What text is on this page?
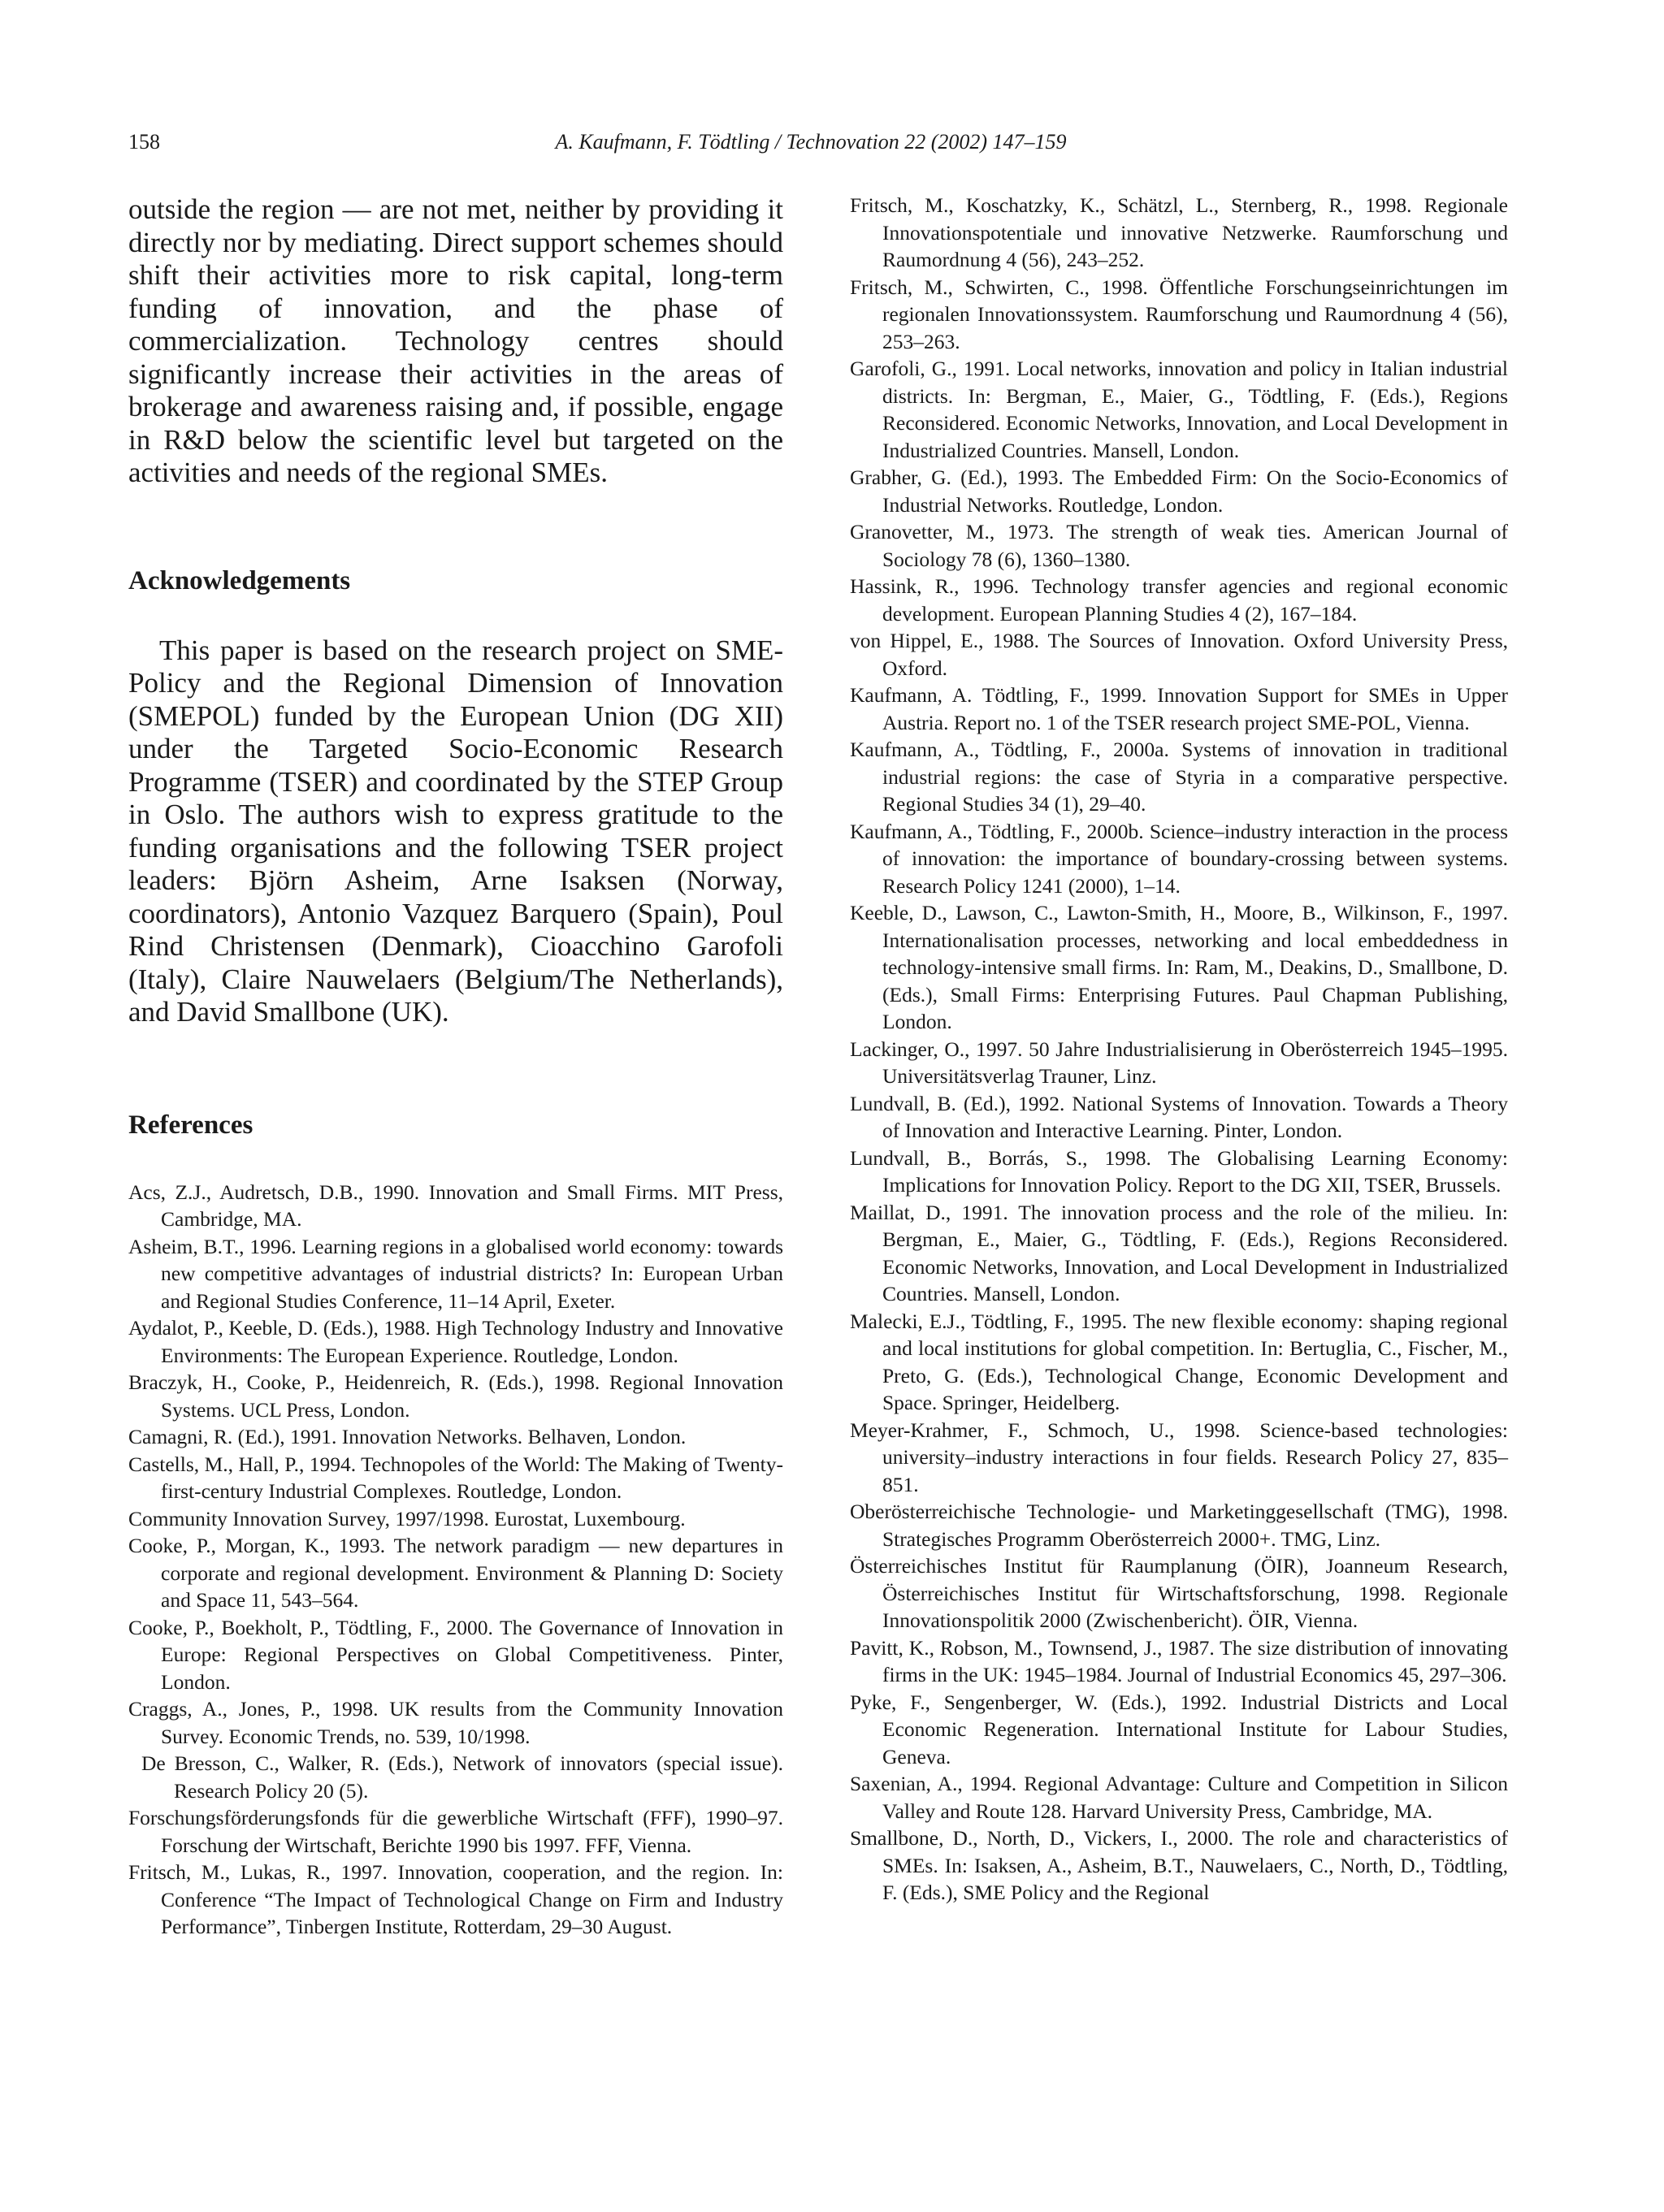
158	A. Kaufmann, F. Tödtling / Technovation 22 (2002) 147–159

outside the region — are not met, neither by providing it directly nor by mediating. Direct support schemes should shift their activities more to risk capital, long-term funding of innovation, and the phase of commercialization. Technology centres should significantly increase their activities in the areas of brokerage and awareness raising and, if possible, engage in R&D below the scientific level but targeted on the activities and needs of the regional SMEs.

Acknowledgements

This paper is based on the research project on SME-Policy and the Regional Dimension of Innovation (SMEPOL) funded by the European Union (DG XII) under the Targeted Socio-Economic Research Programme (TSER) and coordinated by the STEP Group in Oslo. The authors wish to express gratitude to the funding organisations and the following TSER project leaders: Björn Asheim, Arne Isaksen (Norway, coordinators), Antonio Vazquez Barquero (Spain), Poul Rind Christensen (Denmark), Cioacchino Garofoli (Italy), Claire Nauwelaers (Belgium/The Netherlands), and David Smallbone (UK).

References
Acs, Z.J., Audretsch, D.B., 1990. Innovation and Small Firms. MIT Press, Cambridge, MA.
Asheim, B.T., 1996. Learning regions in a globalised world economy: towards new competitive advantages of industrial districts? In: European Urban and Regional Studies Conference, 11–14 April, Exeter.
Aydalot, P., Keeble, D. (Eds.), 1988. High Technology Industry and Innovative Environments: The European Experience. Routledge, London.
Braczyk, H., Cooke, P., Heidenreich, R. (Eds.), 1998. Regional Innovation Systems. UCL Press, London.
Camagni, R. (Ed.), 1991. Innovation Networks. Belhaven, London.
Castells, M., Hall, P., 1994. Technopoles of the World: The Making of Twenty-first-century Industrial Complexes. Routledge, London.
Community Innovation Survey, 1997/1998. Eurostat, Luxembourg.
Cooke, P., Morgan, K., 1993. The network paradigm — new departures in corporate and regional development. Environment & Planning D: Society and Space 11, 543–564.
Cooke, P., Boekholt, P., Tödtling, F., 2000. The Governance of Innovation in Europe: Regional Perspectives on Global Competitiveness. Pinter, London.
Craggs, A., Jones, P., 1998. UK results from the Community Innovation Survey. Economic Trends, no. 539, 10/1998.
De Bresson, C., Walker, R. (Eds.), Network of innovators (special issue). Research Policy 20 (5).
Forschungsförderungsfonds für die gewerbliche Wirtschaft (FFF), 1990–97. Forschung der Wirtschaft, Berichte 1990 bis 1997. FFF, Vienna.
Fritsch, M., Lukas, R., 1997. Innovation, cooperation, and the region. In: Conference “The Impact of Technological Change on Firm and Industry Performance”, Tinbergen Institute, Rotterdam, 29–30 August.
Fritsch, M., Koschatzky, K., Schätzl, L., Sternberg, R., 1998. Regionale Innovationspotentiale und innovative Netzwerke. Raumforschung und Raumordnung 4 (56), 243–252.
Fritsch, M., Schwirten, C., 1998. Öffentliche Forschungseinrichtungen im regionalen Innovationssystem. Raumforschung und Raumordnung 4 (56), 253–263.
Garofoli, G., 1991. Local networks, innovation and policy in Italian industrial districts. In: Bergman, E., Maier, G., Tödtling, F. (Eds.), Regions Reconsidered. Economic Networks, Innovation, and Local Development in Industrialized Countries. Mansell, London.
Grabher, G. (Ed.), 1993. The Embedded Firm: On the Socio-Economics of Industrial Networks. Routledge, London.
Granovetter, M., 1973. The strength of weak ties. American Journal of Sociology 78 (6), 1360–1380.
Hassink, R., 1996. Technology transfer agencies and regional economic development. European Planning Studies 4 (2), 167–184.
von Hippel, E., 1988. The Sources of Innovation. Oxford University Press, Oxford.
Kaufmann, A. Tödtling, F., 1999. Innovation Support for SMEs in Upper Austria. Report no. 1 of the TSER research project SME-POL, Vienna.
Kaufmann, A., Tödtling, F., 2000a. Systems of innovation in traditional industrial regions: the case of Styria in a comparative perspective. Regional Studies 34 (1), 29–40.
Kaufmann, A., Tödtling, F., 2000b. Science–industry interaction in the process of innovation: the importance of boundary-crossing between systems. Research Policy 1241 (2000), 1–14.
Keeble, D., Lawson, C., Lawton-Smith, H., Moore, B., Wilkinson, F., 1997. Internationalisation processes, networking and local embeddedness in technology-intensive small firms. In: Ram, M., Deakins, D., Smallbone, D. (Eds.), Small Firms: Enterprising Futures. Paul Chapman Publishing, London.
Lackinger, O., 1997. 50 Jahre Industrialisierung in Oberösterreich 1945–1995. Universitätsverlag Trauner, Linz.
Lundvall, B. (Ed.), 1992. National Systems of Innovation. Towards a Theory of Innovation and Interactive Learning. Pinter, London.
Lundvall, B., Borrás, S., 1998. The Globalising Learning Economy: Implications for Innovation Policy. Report to the DG XII, TSER, Brussels.
Maillat, D., 1991. The innovation process and the role of the milieu. In: Bergman, E., Maier, G., Tödtling, F. (Eds.), Regions Reconsidered. Economic Networks, Innovation, and Local Development in Industrialized Countries. Mansell, London.
Malecki, E.J., Tödtling, F., 1995. The new flexible economy: shaping regional and local institutions for global competition. In: Bertuglia, C., Fischer, M., Preto, G. (Eds.), Technological Change, Economic Development and Space. Springer, Heidelberg.
Meyer-Krahmer, F., Schmoch, U., 1998. Science-based technologies: university–industry interactions in four fields. Research Policy 27, 835–851.
Oberösterreichische Technologie- und Marketinggesellschaft (TMG), 1998. Strategisches Programm Oberösterreich 2000+. TMG, Linz.
Österreichisches Institut für Raumplanung (ÖIR), Joanneum Research, Österreichisches Institut für Wirtschaftsforschung, 1998. Regionale Innovationspolitik 2000 (Zwischenbericht). ÖIR, Vienna.
Pavitt, K., Robson, M., Townsend, J., 1987. The size distribution of innovating firms in the UK: 1945–1984. Journal of Industrial Economics 45, 297–306.
Pyke, F., Sengenberger, W. (Eds.), 1992. Industrial Districts and Local Economic Regeneration. International Institute for Labour Studies, Geneva.
Saxenian, A., 1994. Regional Advantage: Culture and Competition in Silicon Valley and Route 128. Harvard University Press, Cambridge, MA.
Smallbone, D., North, D., Vickers, I., 2000. The role and characteristics of SMEs. In: Isaksen, A., Asheim, B.T., Nauwelaers, C., North, D., Tödtling, F. (Eds.), SME Policy and the Regional
